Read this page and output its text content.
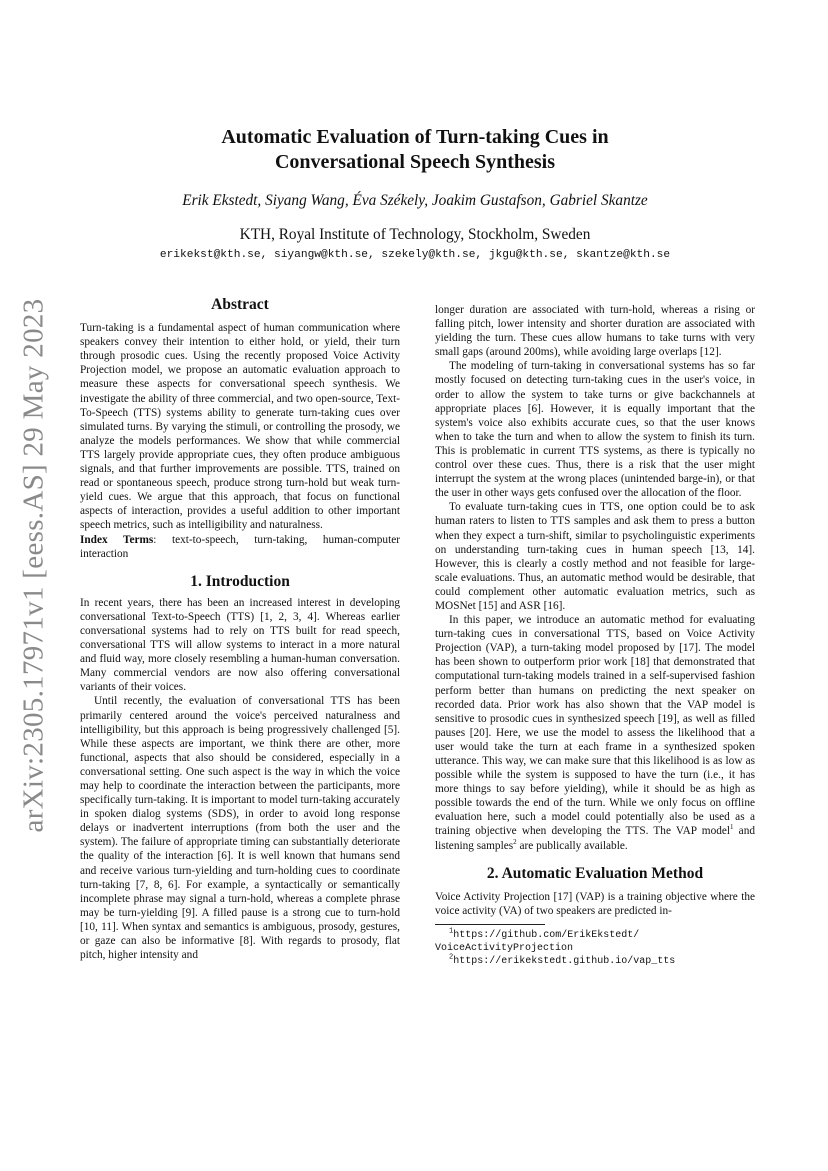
arXiv:2305.17971v1 [eess.AS] 29 May 2023
Automatic Evaluation of Turn-taking Cues in
Conversational Speech Synthesis
Erik Ekstedt, Siyang Wang, Éva Székely, Joakim Gustafson, Gabriel Skantze
KTH, Royal Institute of Technology, Stockholm, Sweden
erikekst@kth.se, siyangw@kth.se, szekely@kth.se, jkgu@kth.se, skantze@kth.se
Abstract

Turn-taking is a fundamental aspect of human communication where speakers convey their intention to either hold, or yield, their turn through prosodic cues. Using the recently proposed Voice Activity Projection model, we propose an automatic evaluation approach to measure these aspects for conversational speech synthesis. We investigate the ability of three commercial, and two open-source, Text-To-Speech (TTS) systems ability to generate turn-taking cues over simulated turns. By varying the stimuli, or controlling the prosody, we analyze the models performances. We show that while commercial TTS largely provide appropriate cues, they often produce ambiguous signals, and that further improvements are possible. TTS, trained on read or spontaneous speech, produce strong turn-hold but weak turn-yield cues. We argue that this approach, that focus on functional aspects of interaction, provides a useful addition to other important speech metrics, such as intelligibility and naturalness.

Index Terms: text-to-speech, turn-taking, human-computer interaction

1. Introduction

In recent years, there has been an increased interest in developing conversational Text-to-Speech (TTS) [1, 2, 3, 4]. Whereas earlier conversational systems had to rely on TTS built for read speech, conversational TTS will allow systems to interact in a more natural and fluid way, more closely resembling a human-human conversation. Many commercial vendors are now also offering conversational variants of their voices.

Until recently, the evaluation of conversational TTS has been primarily centered around the voice's perceived naturalness and intelligibility, but this approach is being progressively challenged [5]. While these aspects are important, we think there are other, more functional, aspects that also should be considered, especially in a conversational setting. One such aspect is the way in which the voice may help to coordinate the interaction between the participants, more specifically turn-taking. It is important to model turn-taking accurately in spoken dialog systems (SDS), in order to avoid long response delays or inadvertent interruptions (from both the user and the system). The failure of appropriate timing can substantially deteriorate the quality of the interaction [6]. It is well known that humans send and receive various turn-yielding and turn-holding cues to coordinate turn-taking [7, 8, 6]. For example, a syntactically or semantically incomplete phrase may signal a turn-hold, whereas a complete phrase may be turn-yielding [9]. A filled pause is a strong cue to turn-hold [10, 11]. When syntax and semantics is ambiguous, prosody, gestures, or gaze can also be informative [8]. With regards to prosody, flat pitch, higher intensity and

longer duration are associated with turn-hold, whereas a rising or falling pitch, lower intensity and shorter duration are associated with yielding the turn. These cues allow humans to take turns with very small gaps (around 200ms), while avoiding large overlaps [12].

The modeling of turn-taking in conversational systems has so far mostly focused on detecting turn-taking cues in the user's voice, in order to allow the system to take turns or give backchannels at appropriate places [6]. However, it is equally important that the system's voice also exhibits accurate cues, so that the user knows when to take the turn and when to allow the system to finish its turn. This is problematic in current TTS systems, as there is typically no control over these cues. Thus, there is a risk that the user might interrupt the system at the wrong places (unintended barge-in), or that the user in other ways gets confused over the allocation of the floor.

To evaluate turn-taking cues in TTS, one option could be to ask human raters to listen to TTS samples and ask them to press a button when they expect a turn-shift, similar to psycholinguistic experiments on understanding turn-taking cues in human speech [13, 14]. However, this is clearly a costly method and not feasible for large-scale evaluations. Thus, an automatic method would be desirable, that could complement other automatic evaluation metrics, such as MOSNet [15] and ASR [16].

In this paper, we introduce an automatic method for evaluating turn-taking cues in conversational TTS, based on Voice Activity Projection (VAP), a turn-taking model proposed by [17]. The model has been shown to outperform prior work [18] that demonstrated that computational turn-taking models trained in a self-supervised fashion perform better than humans on predicting the next speaker on recorded data. Prior work has also shown that the VAP model is sensitive to prosodic cues in synthesized speech [19], as well as filled pauses [20]. Here, we use the model to assess the likelihood that a user would take the turn at each frame in a synthesized spoken utterance. This way, we can make sure that this likelihood is as low as possible while the system is supposed to have the turn (i.e., it has more things to say before yielding), while it should be as high as possible towards the end of the turn. While we only focus on offline evaluation here, such a model could potentially also be used as a training objective when developing the TTS. The VAP model$^1$ and listening samples$^2$ are publically available.

2. Automatic Evaluation Method

Voice Activity Projection [17] (VAP) is a training objective where the voice activity (VA) of two speakers are predicted in-

$^1$https://github.com/ErikEkstedt/
VoiceActivityProjection
$^2$https://erikekstedt.github.io/vap_tts
